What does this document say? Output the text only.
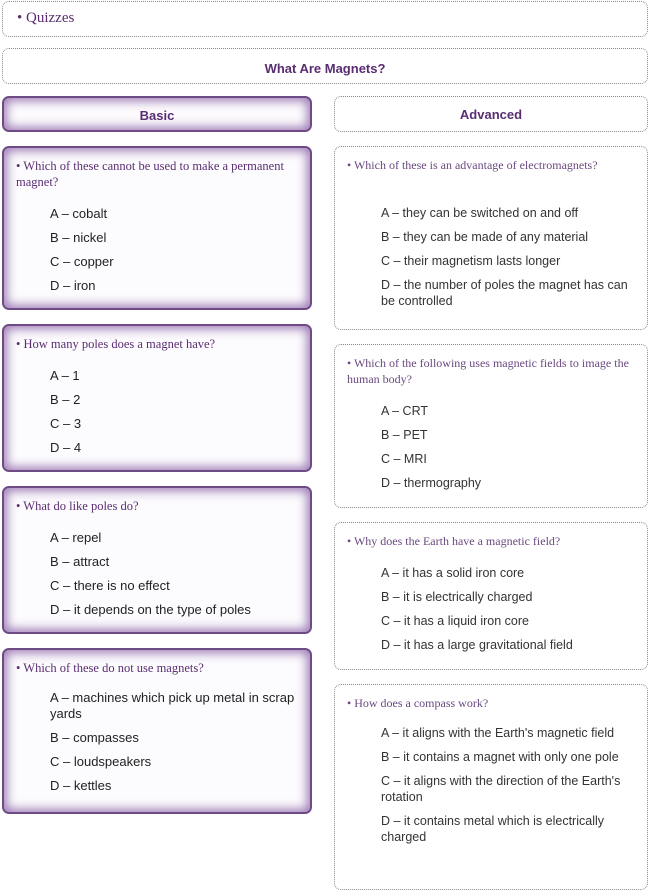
• Quizzes
What Are Magnets?
Basic	Advanced
• Which of these cannot be used to make a permanent magnet?
A – cobalt
B – nickel
C – copper
D – iron
• How many poles does a magnet have?
A – 1
B – 2
C – 3
D – 4
• What do like poles do?
A – repel
B – attract
C – there is no effect
D – it depends on the type of poles
• Which of these do not use magnets?
A – machines which pick up metal in scrap yards
B – compasses
C – loudspeakers
D – kettles
• Which of these is an advantage of electromagnets?
A – they can be switched on and off
B – they can be made of any material
C – their magnetism lasts longer
D – the number of poles the magnet has can be controlled
• Which of the following uses magnetic fields to image the human body?
A – CRT
B – PET
C – MRI
D – thermography
• Why does the Earth have a magnetic field?
A – it has a solid iron core
B – it is electrically charged
C – it has a liquid iron core
D – it has a large gravitational field
• How does a compass work?
A – it aligns with the Earth's magnetic field
B – it contains a magnet with only one pole
C – it aligns with the direction of the Earth's rotation
D – it contains metal which is electrically charged
